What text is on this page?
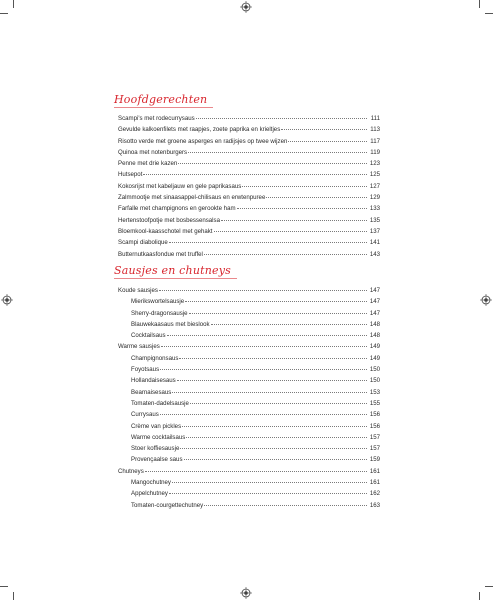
Hoofdgerechten
Scampi's met rodecurrysaus	111
Gevulde kalkoenfilets met raapjes, zoete paprika en krieltjes	113
Risotto verde met groene asperges en radijsjes op twee wijzen	117
Quinoa met notenburgers	119
Penne met drie kazen	123
Hutsepot	125
Kokosrijst met kabeljauw en gele paprikasaus	127
Zalmmootje met sinaasappel-chilisaus en erwtenpuree	129
Farfalle met champignons en gerookte ham	133
Hertenstoofpotje met bosbessensalsa	135
Bloemkool-kaasschotel met gehakt	137
Scampi diabolique	141
Butternutkaasfondue met truffel	143
Sausjes en chutneys
Koude sausjes	147
Mierikswortelsausje	147
Sherry-dragonsausje	147
Blauwekaasaus met bieslook	148
Cocktailsaus	148
Warme sausjes	149
Champignonsaus	149
Foyotsaus	150
Hollandaisesaus	150
Bearnaisesaus	153
Tomaten-dadelsausje	155
Currysaus	156
Crème van pickles	156
Warme cocktailsaus	157
Stoer koffiesausje	157
Provençaalse saus	159
Chutneys	161
Mangochutney	161
Appelchutney	162
Tomaten-courgettechutney	163
